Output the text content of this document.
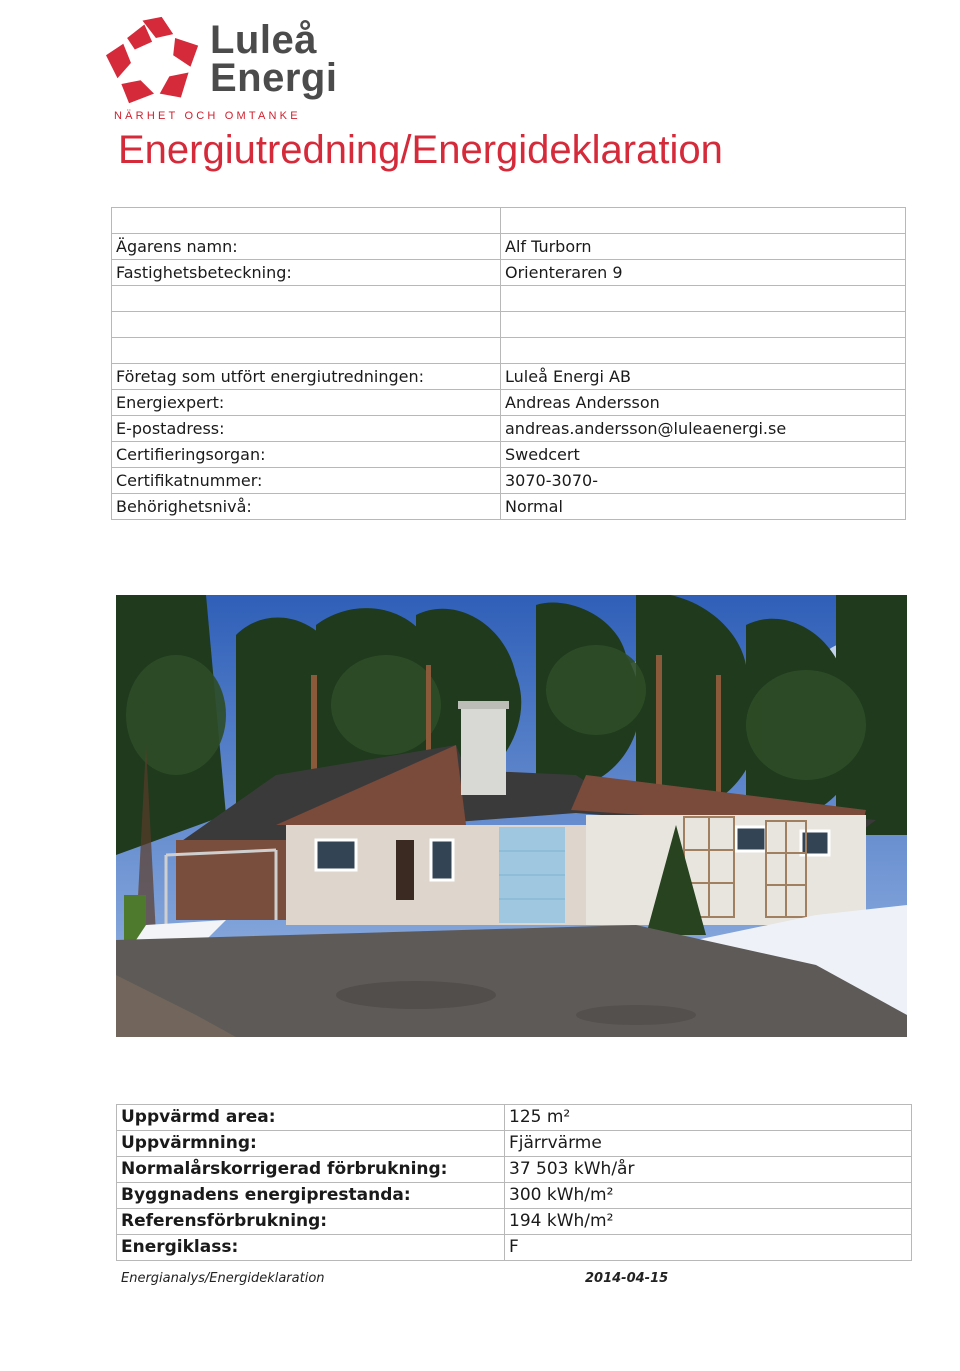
Luleå
Energi
NÄRHET OCH OMTANKE
Energiutredning/Energideklaration

Ägarens namn:	Alf Turborn
Fastighetsbeteckning:	Orienteraren 9

Företag som utfört energiutredningen:	Luleå Energi AB
Energiexpert:	Andreas Andersson
E-postadress:	andreas.andersson@luleaenergi.se
Certifieringsorgan:	Swedcert
Certifikatnummer:	3070-3070-
Behörighetsnivå:	Normal
Uppvärmd area:	125 m²
Uppvärmning:	Fjärrvärme
Normalårskorrigerad förbrukning:	37 503 kWh/år
Byggnadens energiprestanda:	300 kWh/m²
Referensförbrukning:	194 kWh/m²
Energiklass:	F
Energianalys/Energideklaration	2014-04-15
